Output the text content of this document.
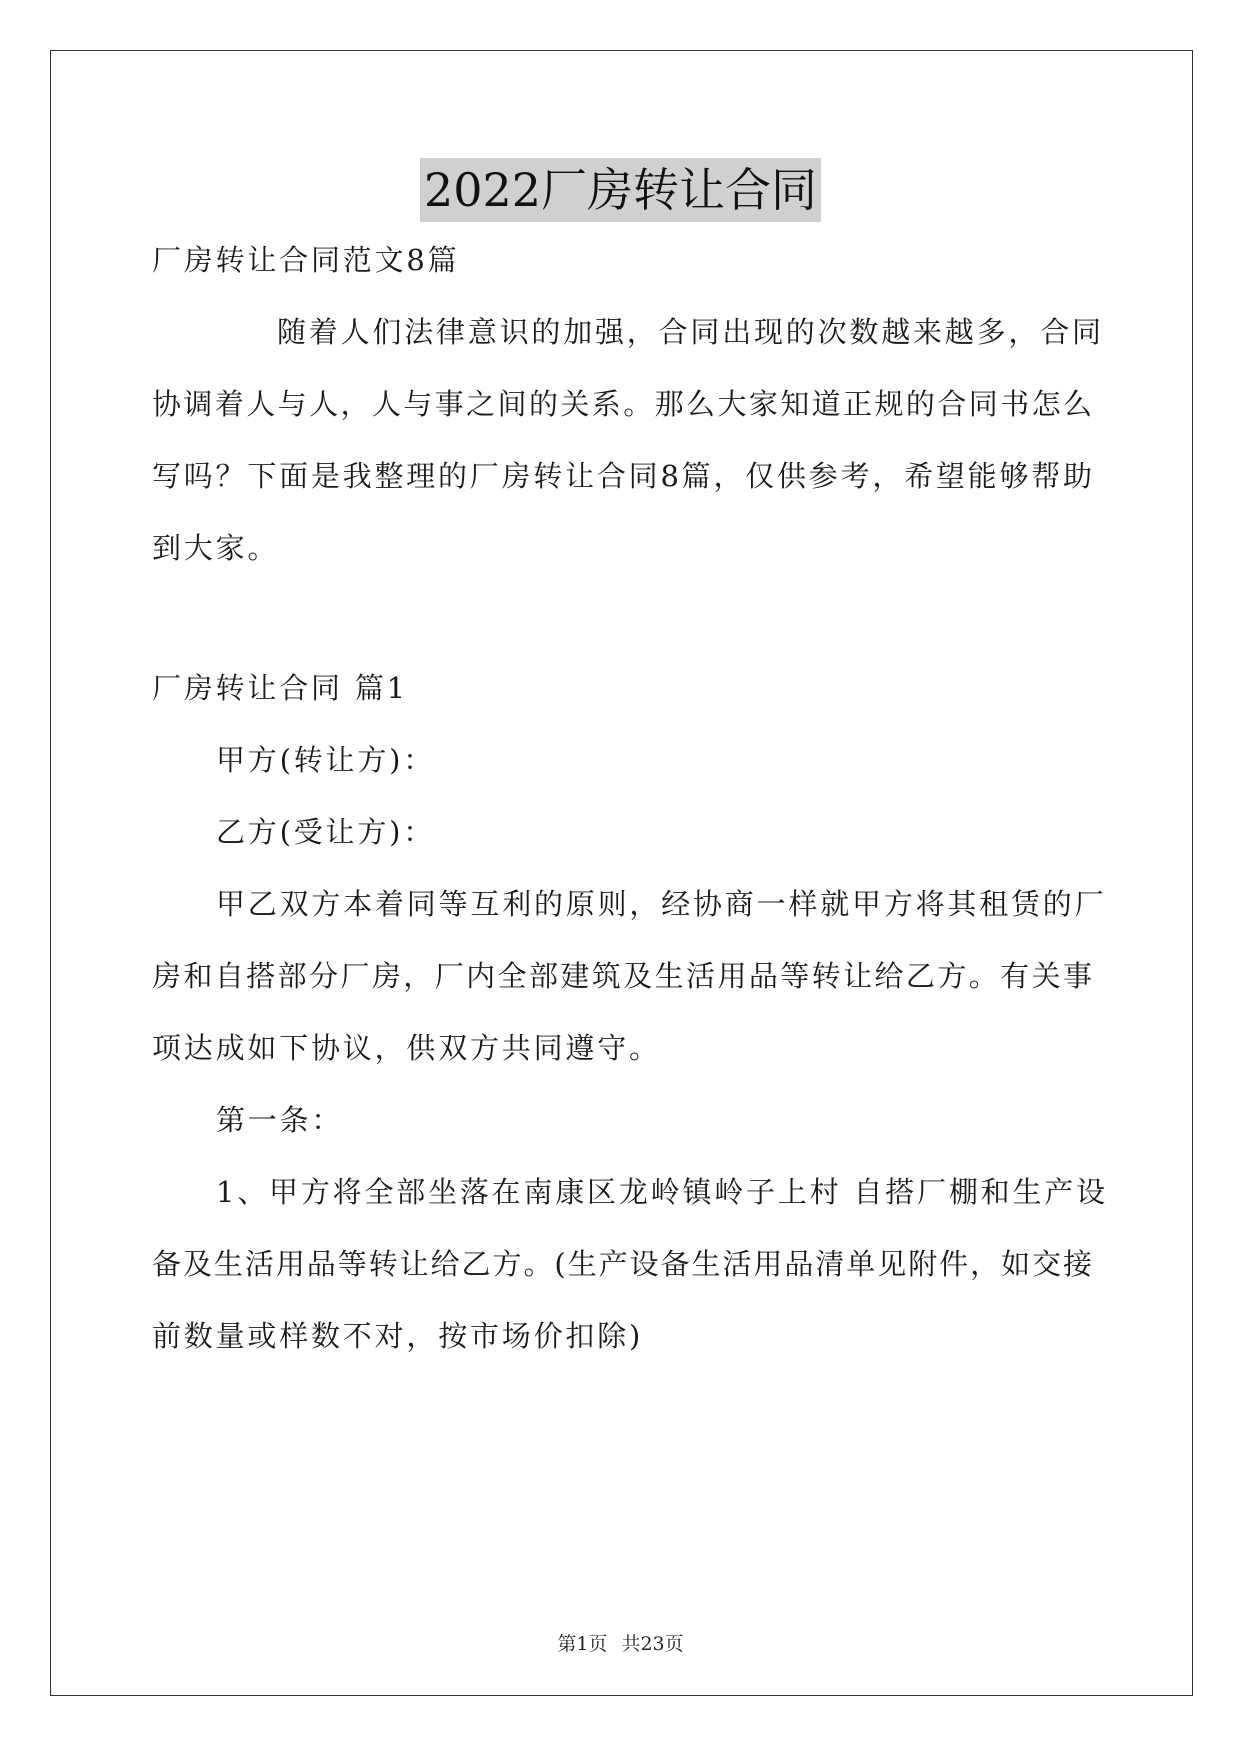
2022厂房转让合同
厂房转让合同范文8篇
随着人们法律意识的加强，合同出现的次数越来越多，合同
协调着人与人，人与事之间的关系。那么大家知道正规的合同书怎么
写吗？下面是我整理的厂房转让合同8篇，仅供参考，希望能够帮助
到大家。
厂房转让合同 篇1
甲方(转让方)：
乙方(受让方)：
甲乙双方本着同等互利的原则，经协商一样就甲方将其租赁的厂
房和自搭部分厂房，厂内全部建筑及生活用品等转让给乙方。有关事
项达成如下协议，供双方共同遵守。
第一条：
1、甲方将全部坐落在南康区龙岭镇岭子上村 自搭厂棚和生产设
备及生活用品等转让给乙方。(生产设备生活用品清单见附件，如交接
前数量或样数不对，按市场价扣除)
第1页 共23页
